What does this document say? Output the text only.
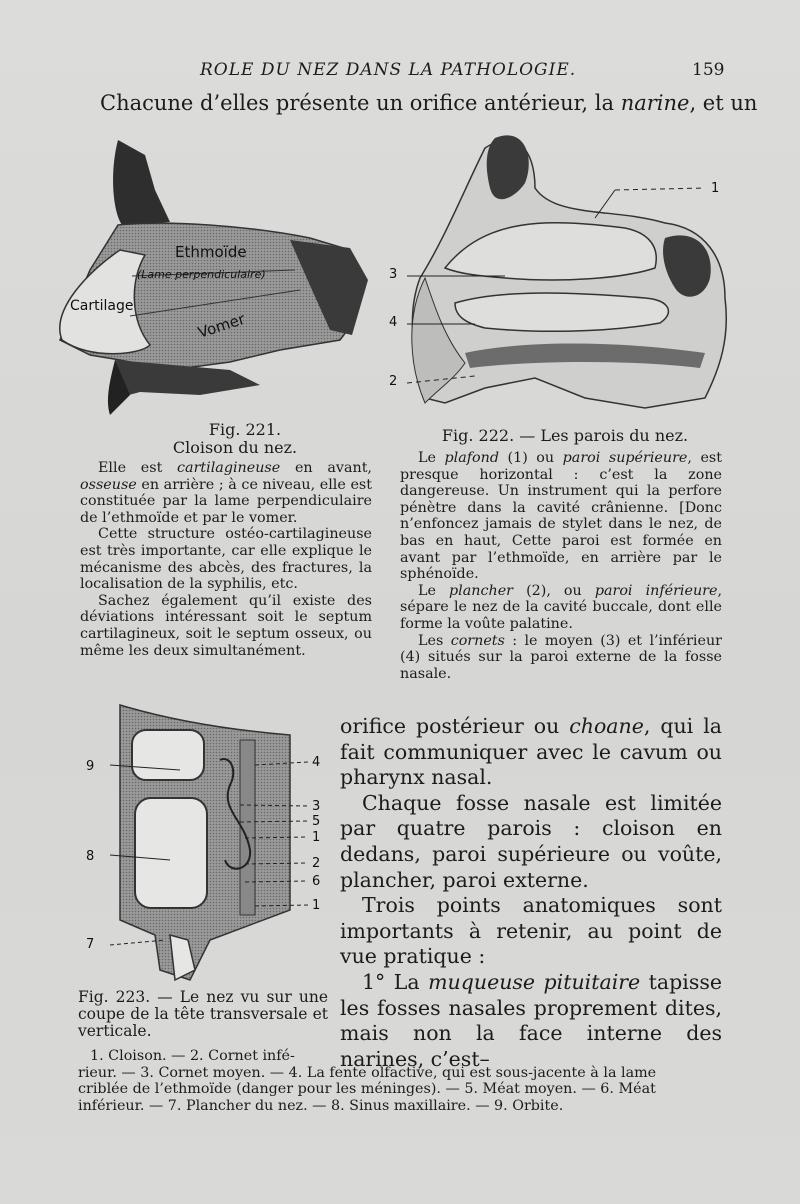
ROLE DU NEZ DANS LA PATHOLOGIE.	159
Chacune d’elles présente un orifice antérieur, la narine, et un
Ethmoïde
(Lame perpendiculaire)
Cartilage
Vomer
Fig. 221.
Cloison du nez.

Elle est cartilagineuse en avant, osseuse en arrière ; à ce niveau, elle est constituée par la lame perpendiculaire de l’ethmoïde et par le vomer.

Cette structure ostéo-cartilagineuse est très importante, car elle explique le mécanisme des abcès, des fractures, la localisation de la syphilis, etc.

Sachez également qu’il existe des déviations intéressant soit le septum cartilagineux, soit le septum osseux, ou même les deux simultanément.

1
3
4
2
Fig. 222. — Les parois du nez.

Le plafond (1) ou paroi supérieure, est presque horizontal : c’est la zone dangereuse. Un instrument qui la perfore pénètre dans la cavité crânienne. [Donc n’enfoncez jamais de stylet dans le nez, de bas en haut, Cette paroi est formée en avant par l’ethmoïde, en arrière par le sphénoïde.

Le plancher (2), ou paroi inférieure, sépare le nez de la cavité buccale, dont elle forme la voûte palatine.

Les cornets : le moyen (3) et l’inférieur (4) situés sur la paroi externe de la fosse nasale.

9
8
7
4
3
5
1
2
6
1
Fig. 223. — Le nez vu sur une coupe de la tête transversale et verticale.

orifice postérieur ou choane, qui la fait communiquer avec le cavum ou pharynx nasal.

Chaque fosse nasale est limitée par quatre parois : cloison en dedans, paroi supérieure ou voûte, plancher, paroi externe.

Trois points anatomiques sont importants à retenir, au point de vue pratique :

1° La muqueuse pituitaire tapisse les fosses nasales proprement dites, mais non la face interne des narines, c’est–

1. Cloison. — 2. Cornet infé-
rieur. — 3. Cornet moyen. — 4. La fente olfactive, qui est sous-jacente à la lame
criblée de l’ethmoïde (danger pour les méninges). — 5. Méat moyen. — 6. Méat
inférieur. — 7. Plancher du nez. — 8. Sinus maxillaire. — 9. Orbite.
